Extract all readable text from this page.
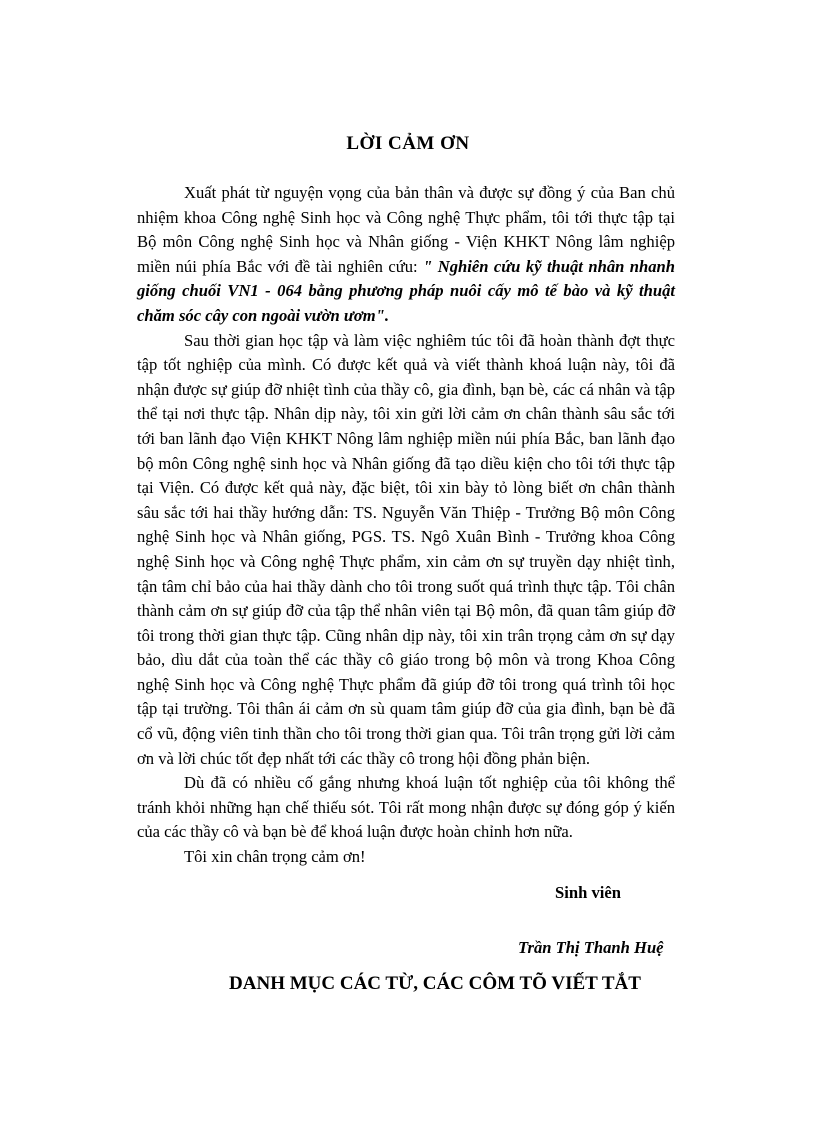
LỜI CẢM ƠN

Xuất phát từ nguyện vọng của bản thân và được sự đồng ý của Ban chủ nhiệm khoa Công nghệ Sinh học và Công nghệ Thực phẩm, tôi tới thực tập tại Bộ môn Công nghệ Sinh học và Nhân giống - Viện KHKT Nông lâm nghiệp miền núi phía Bắc với đề tài nghiên cứu: " Nghiên cứu kỹ thuật nhân nhanh giống chuối VN1 - 064 bằng phương pháp nuôi cấy mô tế bào và kỹ thuật chăm sóc cây con ngoài vườn ươm".

Sau thời gian học tập và làm việc nghiêm túc tôi đã hoàn thành đợt thực tập tốt nghiệp của mình. Có được kết quả và viết thành khoá luận này, tôi đã nhận được sự giúp đỡ nhiệt tình của thầy cô, gia đình, bạn bè, các cá nhân và tập thể tại nơi thực tập. Nhân dịp này, tôi xin gửi lời cảm ơn chân thành sâu sắc tới tới ban lãnh đạo Viện KHKT Nông lâm nghiệp miền núi phía Bắc, ban lãnh đạo bộ môn Công nghệ sinh học và Nhân giống đã tạo diều kiện cho tôi tới thực tập tại Viện. Có được kết quả này, đặc biệt, tôi xin bày tỏ lòng biết ơn chân thành sâu sắc tới hai thầy hướng dẫn: TS. Nguyễn Văn Thiệp - Trưởng Bộ môn Công nghệ Sinh học và Nhân giống, PGS. TS. Ngô Xuân Bình - Trưởng khoa Công nghệ Sinh học và Công nghệ Thực phẩm, xin cảm ơn sự truyền dạy nhiệt tình, tận tâm chỉ bảo của hai thầy dành cho tôi trong suốt quá trình thực tập. Tôi chân thành cảm ơn sự giúp đỡ của tập thể nhân viên tại Bộ môn, đã quan tâm giúp đỡ tôi trong thời gian thực tập. Cũng nhân dịp này, tôi xin trân trọng cảm ơn sự dạy bảo, dìu dắt của toàn thể các thầy cô giáo trong bộ môn và trong Khoa Công nghệ Sinh học và Công nghệ Thực phẩm đã giúp đỡ tôi trong quá trình tôi học tập tại trường. Tôi thân ái cảm ơn sù quam tâm giúp đỡ của gia đình, bạn bè đã cổ vũ, động viên tinh thần cho tôi trong thời gian qua. Tôi trân trọng gửi lời cảm ơn và lời chúc tốt đẹp nhất tới các thầy cô trong hội đồng phản biện.

Dù đã có nhiều cố gắng nhưng khoá luận tốt nghiệp của tôi không thể tránh khỏi những hạn chế thiếu sót. Tôi rất mong nhận được sự đóng góp ý kiến của các thầy cô và bạn bè để khoá luận được hoàn chỉnh hơn nữa.

Tôi xin chân trọng cảm ơn!

Sinh viên
Trần Thị Thanh Huệ
DANH MỤC CÁC TỪ, CÁC CÔM TÕ VIẾT TẮT
